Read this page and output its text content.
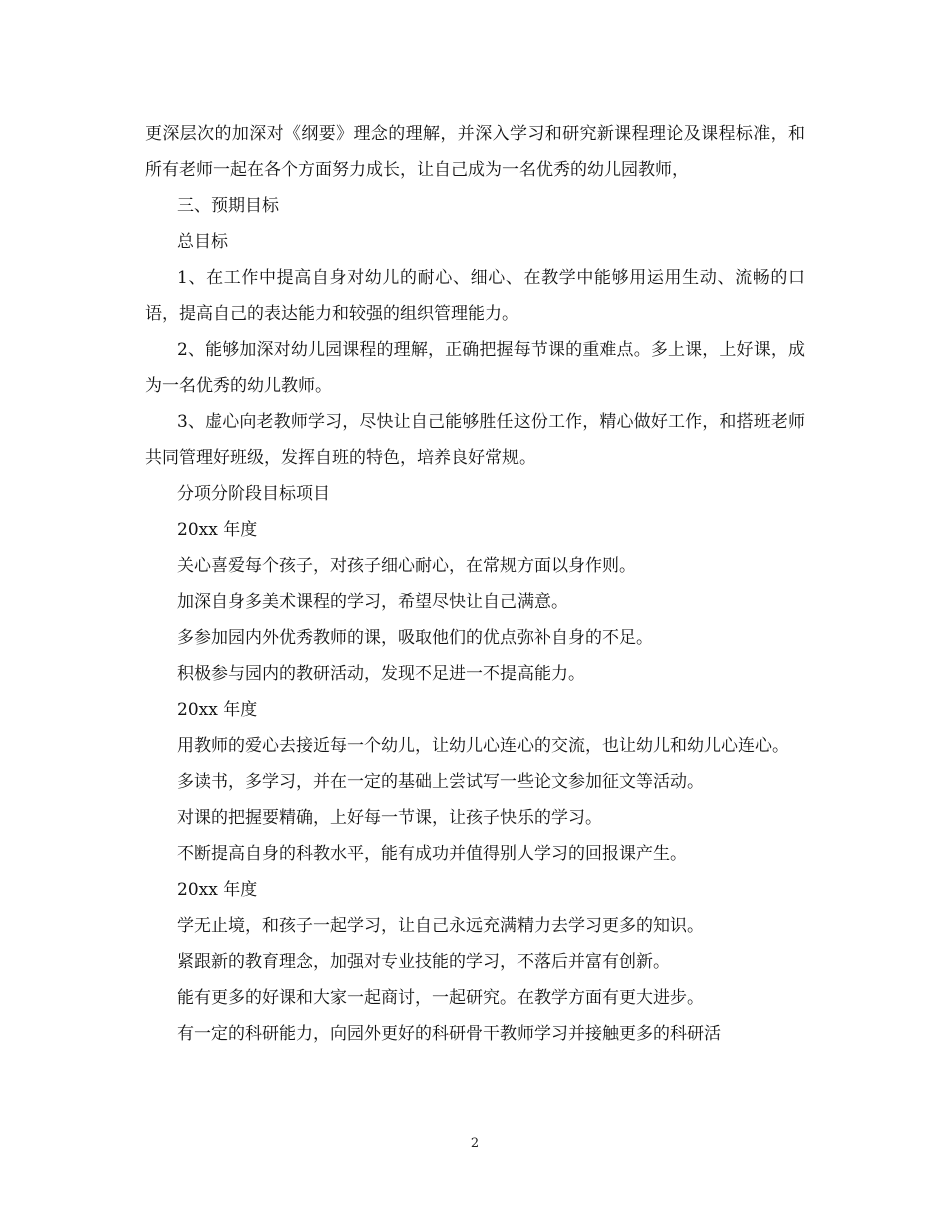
更深层次的加深对《纲要》理念的理解，并深入学习和研究新课程理论及课程标准，和所有老师一起在各个方面努力成长，让自己成为一名优秀的幼儿园教师，

三、预期目标

总目标

1、在工作中提高自身对幼儿的耐心、细心、在教学中能够用运用生动、流畅的口语，提高自己的表达能力和较强的组织管理能力。

2、能够加深对幼儿园课程的理解，正确把握每节课的重难点。多上课，上好课，成为一名优秀的幼儿教师。

3、虚心向老教师学习，尽快让自己能够胜任这份工作，精心做好工作，和搭班老师共同管理好班级，发挥自班的特色，培养良好常规。

分项分阶段目标项目

20xx 年度

关心喜爱每个孩子，对孩子细心耐心，在常规方面以身作则。

加深自身多美术课程的学习，希望尽快让自己满意。

多参加园内外优秀教师的课，吸取他们的优点弥补自身的不足。

积极参与园内的教研活动，发现不足进一不提高能力。

20xx 年度

用教师的爱心去接近每一个幼儿，让幼儿心连心的交流，也让幼儿和幼儿心连心。

多读书，多学习，并在一定的基础上尝试写一些论文参加征文等活动。

对课的把握要精确，上好每一节课，让孩子快乐的学习。

不断提高自身的科教水平，能有成功并值得别人学习的回报课产生。

20xx 年度

学无止境，和孩子一起学习，让自己永远充满精力去学习更多的知识。

紧跟新的教育理念，加强对专业技能的学习，不落后并富有创新。

能有更多的好课和大家一起商讨，一起研究。在教学方面有更大进步。

有一定的科研能力，向园外更好的科研骨干教师学习并接触更多的科研活

2
